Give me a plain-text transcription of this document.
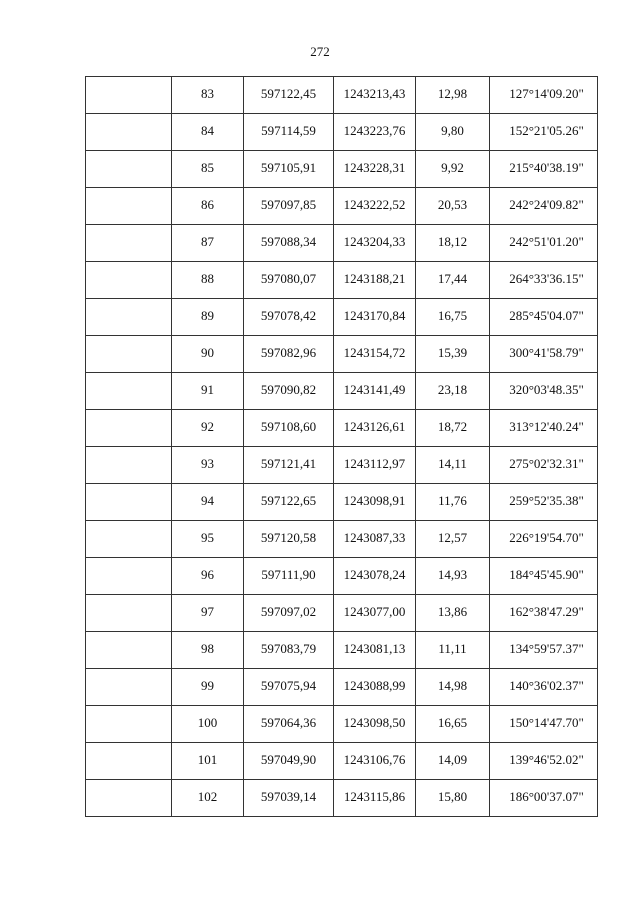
272

	83	597122,45	1243213,43	12,98	127°14'09.20"

	84	597114,59	1243223,76	9,80	152°21'05.26"

	85	597105,91	1243228,31	9,92	215°40'38.19"

	86	597097,85	1243222,52	20,53	242°24'09.82"

	87	597088,34	1243204,33	18,12	242°51'01.20"

	88	597080,07	1243188,21	17,44	264°33'36.15"

	89	597078,42	1243170,84	16,75	285°45'04.07"

	90	597082,96	1243154,72	15,39	300°41'58.79"

	91	597090,82	1243141,49	23,18	320°03'48.35"

	92	597108,60	1243126,61	18,72	313°12'40.24"

	93	597121,41	1243112,97	14,11	275°02'32.31"

	94	597122,65	1243098,91	11,76	259°52'35.38"

	95	597120,58	1243087,33	12,57	226°19'54.70"

	96	597111,90	1243078,24	14,93	184°45'45.90"

	97	597097,02	1243077,00	13,86	162°38'47.29"

	98	597083,79	1243081,13	11,11	134°59'57.37"

	99	597075,94	1243088,99	14,98	140°36'02.37"

	100	597064,36	1243098,50	16,65	150°14'47.70"

	101	597049,90	1243106,76	14,09	139°46'52.02"

	102	597039,14	1243115,86	15,80	186°00'37.07"
